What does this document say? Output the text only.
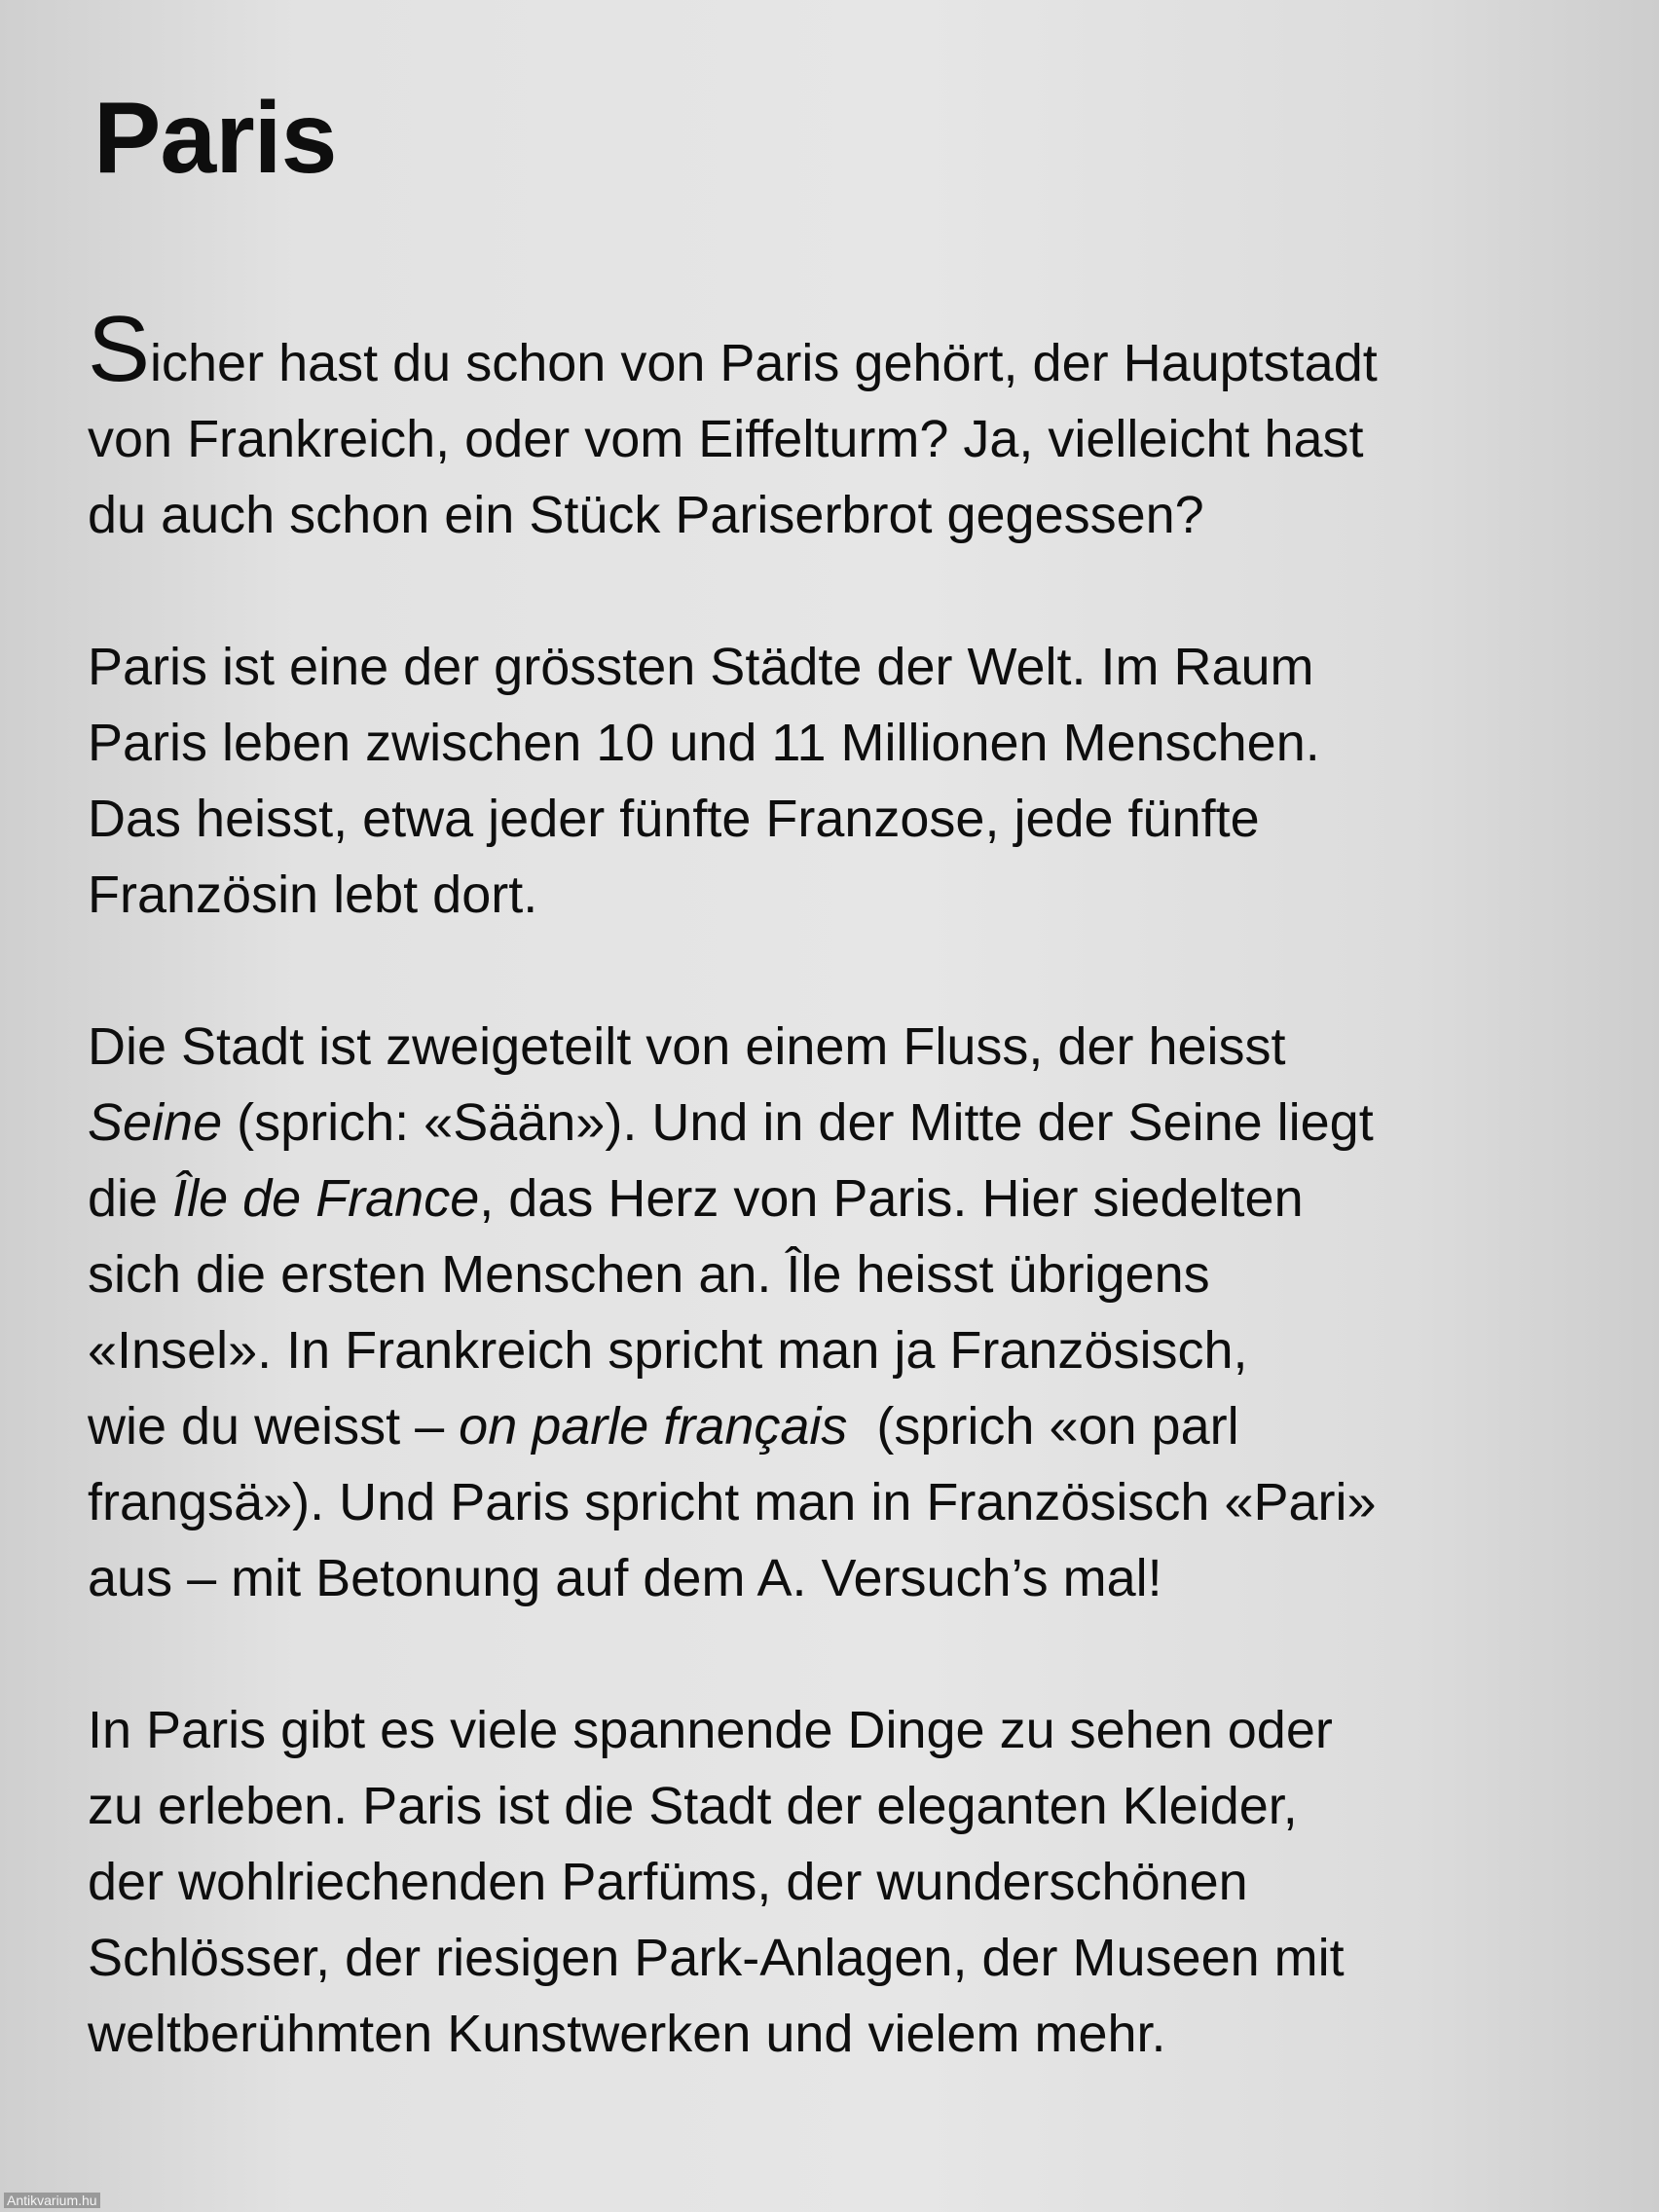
Paris

Sicher hast du schon von Paris gehört, der Hauptstadt
von Frankreich, oder vom Eiffelturm? Ja, vielleicht hast
du auch schon ein Stück Pariserbrot gegessen?

Paris ist eine der grössten Städte der Welt. Im Raum
Paris leben zwischen 10 und 11 Millionen Menschen.
Das heisst, etwa jeder fünfte Franzose, jede fünfte
Französin lebt dort.

Die Stadt ist zweigeteilt von einem Fluss, der heisst
Seine (sprich: «Sään»). Und in der Mitte der Seine liegt
die Île de France, das Herz von Paris. Hier siedelten
sich die ersten Menschen an. Île heisst übrigens
«Insel». In Frankreich spricht man ja Französisch,
wie du weisst – on parle français  (sprich «on parl
frangsä»). Und Paris spricht man in Französisch «Pari»
aus – mit Betonung auf dem A. Versuch’s mal!

In Paris gibt es viele spannende Dinge zu sehen oder
zu erleben. Paris ist die Stadt der eleganten Kleider,
der wohlriechenden Parfüms, der wunderschönen
Schlösser, der riesigen Park-Anlagen, der Museen mit
weltberühmten Kunstwerken und vielem mehr.

Antikvarium.hu
